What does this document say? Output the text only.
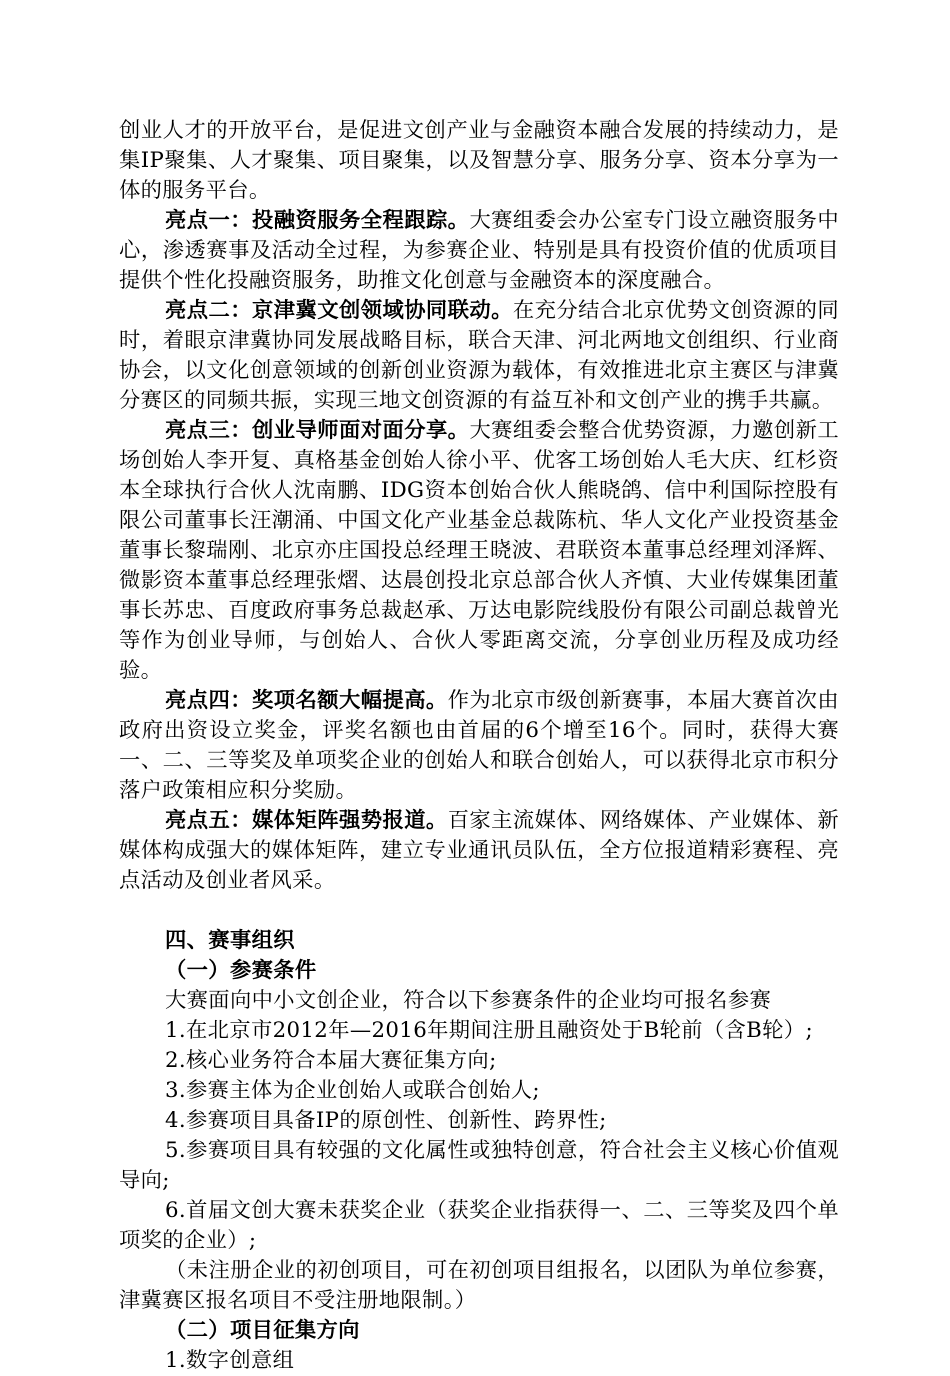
创业人才的开放平台，是促进文创产业与金融资本融合发展的持续动力，是集IP聚集、人才聚集、项目聚集，以及智慧分享、服务分享、资本分享为一体的服务平台。

亮点一：投融资服务全程跟踪。大赛组委会办公室专门设立融资服务中心，渗透赛事及活动全过程，为参赛企业、特别是具有投资价值的优质项目提供个性化投融资服务，助推文化创意与金融资本的深度融合。

亮点二：京津冀文创领域协同联动。在充分结合北京优势文创资源的同时，着眼京津冀协同发展战略目标，联合天津、河北两地文创组织、行业商协会，以文化创意领域的创新创业资源为载体，有效推进北京主赛区与津冀分赛区的同频共振，实现三地文创资源的有益互补和文创产业的携手共赢。

亮点三：创业导师面对面分享。大赛组委会整合优势资源，力邀创新工场创始人李开复、真格基金创始人徐小平、优客工场创始人毛大庆、红杉资本全球执行合伙人沈南鹏、IDG资本创始合伙人熊晓鸽、信中利国际控股有限公司董事长汪潮涌、中国文化产业基金总裁陈杭、华人文化产业投资基金董事长黎瑞刚、北京亦庄国投总经理王晓波、君联资本董事总经理刘泽辉、微影资本董事总经理张熠、达晨创投北京总部合伙人齐慎、大业传媒集团董事长苏忠、百度政府事务总裁赵承、万达电影院线股份有限公司副总裁曾光等作为创业导师，与创始人、合伙人零距离交流，分享创业历程及成功经验。

亮点四：奖项名额大幅提高。作为北京市级创新赛事，本届大赛首次由政府出资设立奖金，评奖名额也由首届的6个增至16个。同时，获得大赛一、二、三等奖及单项奖企业的创始人和联合创始人，可以获得北京市积分落户政策相应积分奖励。

亮点五：媒体矩阵强势报道。百家主流媒体、网络媒体、产业媒体、新媒体构成强大的媒体矩阵，建立专业通讯员队伍，全方位报道精彩赛程、亮点活动及创业者风采。

四、赛事组织

（一）参赛条件

大赛面向中小文创企业，符合以下参赛条件的企业均可报名参赛

1.在北京市2012年—2016年期间注册且融资处于B轮前（含B轮）;

2.核心业务符合本届大赛征集方向;

3.参赛主体为企业创始人或联合创始人;

4.参赛项目具备IP的原创性、创新性、跨界性;

5.参赛项目具有较强的文化属性或独特创意，符合社会主义核心价值观导向;

6.首届文创大赛未获奖企业（获奖企业指获得一、二、三等奖及四个单项奖的企业）;

（未注册企业的初创项目，可在初创项目组报名，以团队为单位参赛，津冀赛区报名项目不受注册地限制。）

（二）项目征集方向

1.数字创意组
